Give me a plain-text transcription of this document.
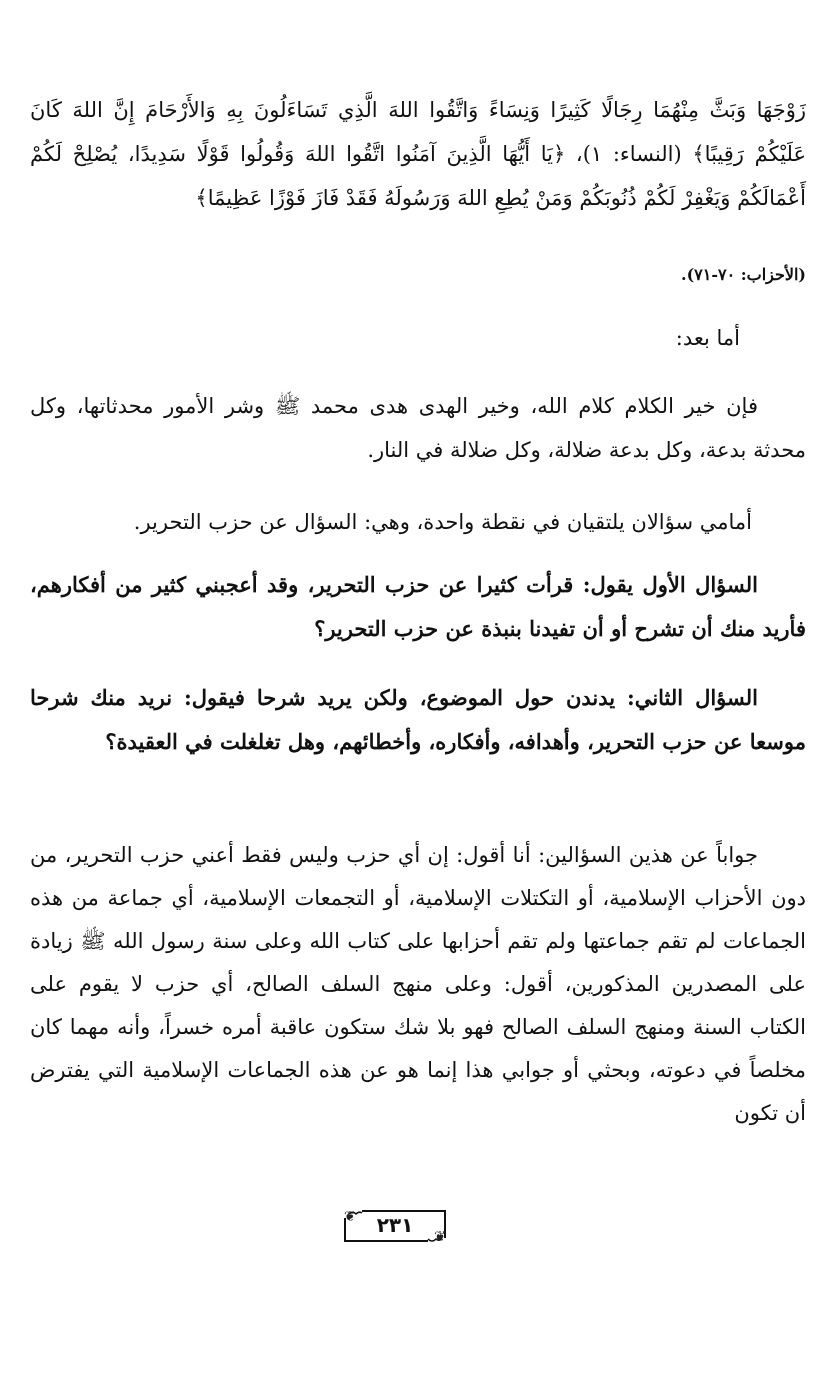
زَوْجَهَا وَبَثَّ مِنْهُمَا رِجَالًا كَثِيرًا وَنِسَاءً وَاتَّقُوا اللهَ الَّذِي تَسَاءَلُونَ بِهِ وَالأَرْحَامَ إِنَّ اللهَ كَانَ عَلَيْكُمْ رَقِيبًا﴾ (النساء: ١)، ﴿يَا أَيُّهَا الَّذِينَ آمَنُوا اتَّقُوا اللهَ وَقُولُوا قَوْلًا سَدِيدًا، يُصْلِحْ لَكُمْ أَعْمَالَكُمْ وَيَغْفِرْ لَكُمْ ذُنُوبَكُمْ وَمَنْ يُطِعِ اللهَ وَرَسُولَهُ فَقَدْ فَازَ فَوْزًا عَظِيمًا﴾

(الأحزاب: ٧٠-٧١).
أما بعد:

فإن خير الكلام كلام الله، وخير الهدى هدى محمد ﷺ وشر الأمور محدثاتها، وكل محدثة بدعة، وكل بدعة ضلالة، وكل ضلالة في النار.

أمامي سؤالان يلتقيان في نقطة واحدة، وهي: السؤال عن حزب التحرير.

السؤال الأول يقول: قرأت كثيرا عن حزب التحرير، وقد أعجبني كثير من أفكارهم، فأريد منك أن تشرح أو أن تفيدنا بنبذة عن حزب التحرير؟

السؤال الثاني: يدندن حول الموضوع، ولكن يريد شرحا فيقول: نريد منك شرحا موسعا عن حزب التحرير، وأهدافه، وأفكاره، وأخطائهم، وهل تغلغلت في العقيدة؟

جواباً عن هذين السؤالين: أنا أقول: إن أي حزب وليس فقط أعني حزب التحرير، من دون الأحزاب الإسلامية، أو التكتلات الإسلامية، أو التجمعات الإسلامية، أي جماعة من هذه الجماعات لم تقم جماعتها ولم تقم أحزابها على كتاب الله وعلى سنة رسول الله ﷺ زيادة على المصدرين المذكورين، أقول: وعلى منهج السلف الصالح، أي حزب لا يقوم على الكتاب السنة ومنهج السلف الصالح فهو بلا شك ستكون عاقبة أمره خسراً، وأنه مهما كان مخلصاً في دعوته، وبحثي أو جوابي هذا إنما هو عن هذه الجماعات الإسلامية التي يفترض أن تكون

❦
❦
٢٣١
